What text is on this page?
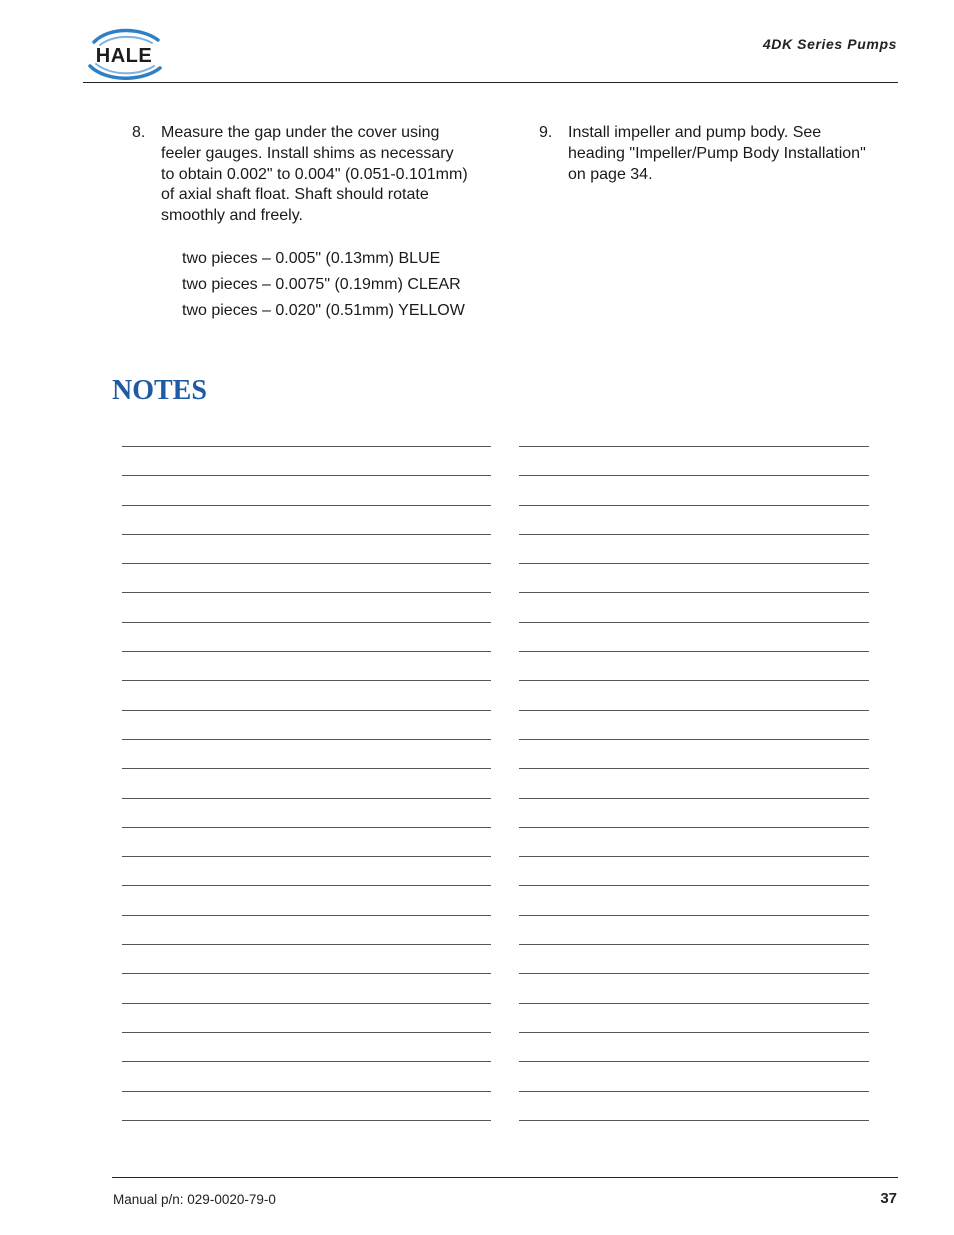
HALE
4DK Series Pumps
8. Measure the gap under the cover using
feeler gauges. Install shims as necessary
to obtain 0.002" to 0.004" (0.051-0.101mm)
of axial shaft float. Shaft should rotate
smoothly and freely.
two pieces – 0.005" (0.13mm) BLUE
two pieces – 0.0075" (0.19mm) CLEAR
two pieces – 0.020" (0.51mm) YELLOW
9. Install impeller and pump body. See
heading "Impeller/Pump Body Installation"
on page 34.
NOTES
Manual p/n: 029-0020-79-0	37
